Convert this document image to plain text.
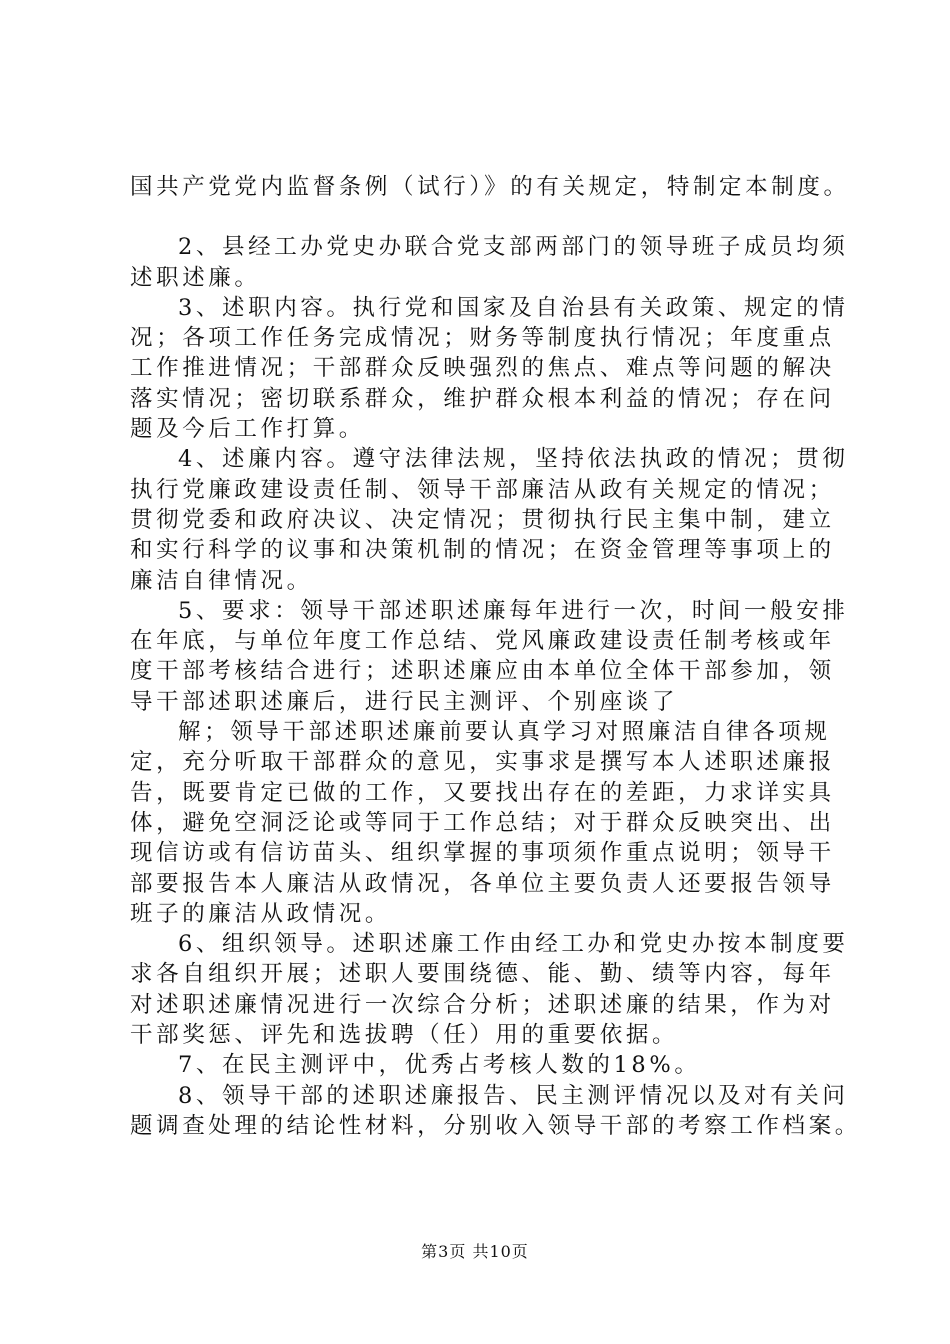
国共产党党内监督条例（试行）》的有关规定，特制定本制度。
2、县经工办党史办联合党支部两部门的领导班子成员均须
述职述廉。
3、述职内容。执行党和国家及自治县有关政策、规定的情
况；各项工作任务完成情况；财务等制度执行情况；年度重点
工作推进情况；干部群众反映强烈的焦点、难点等问题的解决
落实情况；密切联系群众，维护群众根本利益的情况；存在问
题及今后工作打算。
4、述廉内容。遵守法律法规，坚持依法执政的情况；贯彻
执行党廉政建设责任制、领导干部廉洁从政有关规定的情况；
贯彻党委和政府决议、决定情况；贯彻执行民主集中制，建立
和实行科学的议事和决策机制的情况；在资金管理等事项上的
廉洁自律情况。
5、要求：领导干部述职述廉每年进行一次，时间一般安排
在年底，与单位年度工作总结、党风廉政建设责任制考核或年
度干部考核结合进行；述职述廉应由本单位全体干部参加，领
导干部述职述廉后，进行民主测评、个别座谈了
解；领导干部述职述廉前要认真学习对照廉洁自律各项规
定，充分听取干部群众的意见，实事求是撰写本人述职述廉报
告，既要肯定已做的工作，又要找出存在的差距，力求详实具
体，避免空洞泛论或等同于工作总结；对于群众反映突出、出
现信访或有信访苗头、组织掌握的事项须作重点说明；领导干
部要报告本人廉洁从政情况，各单位主要负责人还要报告领导
班子的廉洁从政情况。
6、组织领导。述职述廉工作由经工办和党史办按本制度要
求各自组织开展；述职人要围绕德、能、勤、绩等内容，每年
对述职述廉情况进行一次综合分析；述职述廉的结果，作为对
干部奖惩、评先和选拔聘（任）用的重要依据。
7、在民主测评中，优秀占考核人数的18%。
8、领导干部的述职述廉报告、民主测评情况以及对有关问
题调查处理的结论性材料，分别收入领导干部的考察工作档案。
第3页 共10页
